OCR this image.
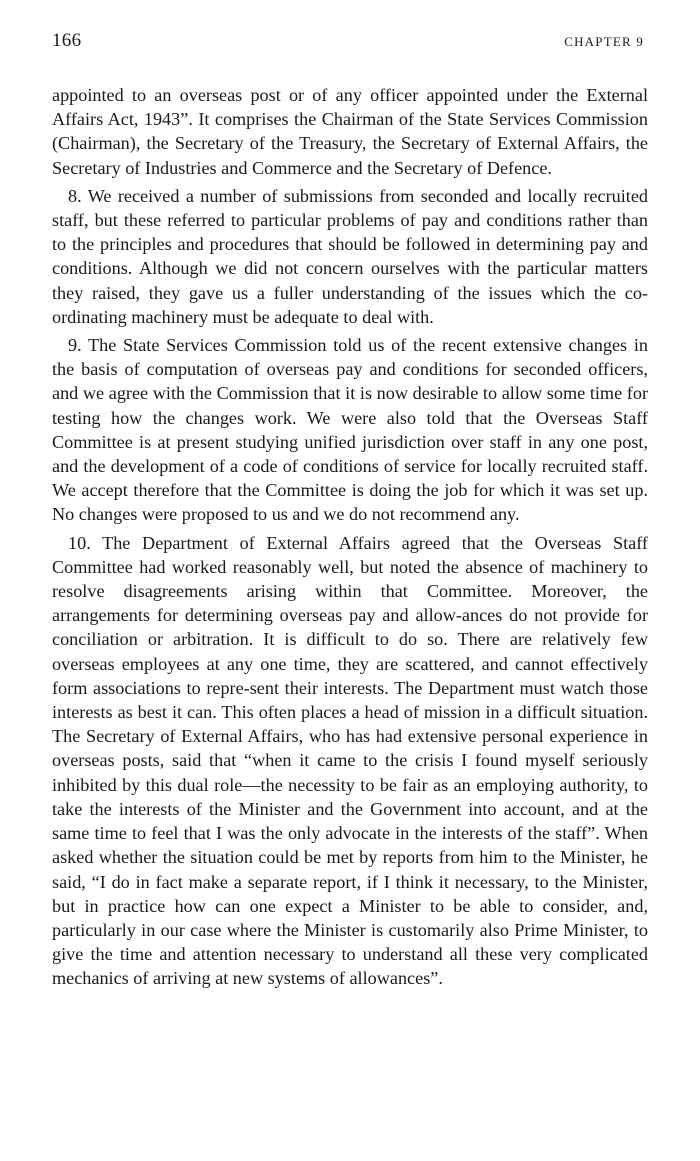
166	CHAPTER 9

appointed to an overseas post or of any officer appointed under the External Affairs Act, 1943”. It comprises the Chairman of the State Services Commission (Chairman), the Secretary of the Treasury, the Secretary of External Affairs, the Secretary of Industries and Commerce and the Secretary of Defence.

8. We received a number of submissions from seconded and locally recruited staff, but these referred to particular problems of pay and conditions rather than to the principles and procedures that should be followed in determining pay and conditions. Although we did not concern ourselves with the particular matters they raised, they gave us a fuller understanding of the issues which the co-ordinating machinery must be adequate to deal with.

9. The State Services Commission told us of the recent extensive changes in the basis of computation of overseas pay and conditions for seconded officers, and we agree with the Commission that it is now desirable to allow some time for testing how the changes work. We were also told that the Overseas Staff Committee is at present studying unified jurisdiction over staff in any one post, and the development of a code of conditions of service for locally recruited staff. We accept therefore that the Committee is doing the job for which it was set up. No changes were proposed to us and we do not recommend any.

10. The Department of External Affairs agreed that the Overseas Staff Committee had worked reasonably well, but noted the absence of machinery to resolve disagreements arising within that Committee. Moreover, the arrangements for determining overseas pay and allow-ances do not provide for conciliation or arbitration. It is difficult to do so. There are relatively few overseas employees at any one time, they are scattered, and cannot effectively form associations to repre-sent their interests. The Department must watch those interests as best it can. This often places a head of mission in a difficult situation. The Secretary of External Affairs, who has had extensive personal experience in overseas posts, said that “when it came to the crisis I found myself seriously inhibited by this dual role—the necessity to be fair as an employing authority, to take the interests of the Minister and the Government into account, and at the same time to feel that I was the only advocate in the interests of the staff”. When asked whether the situation could be met by reports from him to the Minister, he said, “I do in fact make a separate report, if I think it necessary, to the Minister, but in practice how can one expect a Minister to be able to consider, and, particularly in our case where the Minister is customarily also Prime Minister, to give the time and attention necessary to understand all these very complicated mechanics of arriving at new systems of allowances”.
